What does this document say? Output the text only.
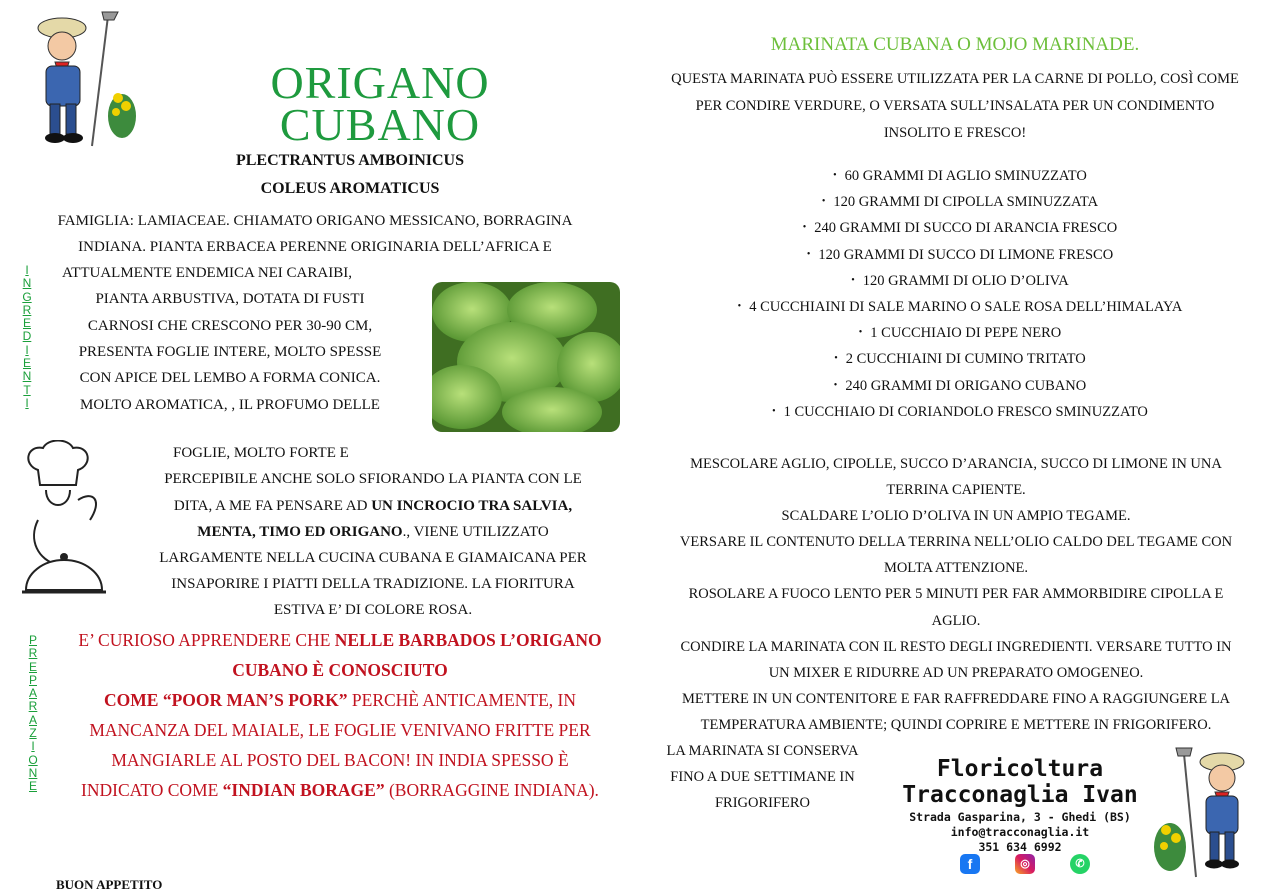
ORIGANO
CUBANO
PLECTRANTUS AMBOINICUS
COLEUS AROMATICUS
FAMIGLIA: LAMIACEAE. CHIAMATO ORIGANO MESSICANO, BORRAGINA
INDIANA. PIANTA ERBACEA PERENNE ORIGINARIA DELL’AFRICA E
ATTUALMENTE ENDEMICA NEI CARAIBI,
PIANTA ARBUSTIVA, DOTATA DI FUSTI
CARNOSI CHE CRESCONO PER 30-90 CM,
PRESENTA FOGLIE INTERE, MOLTO SPESSE
CON APICE DEL LEMBO A FORMA CONICA.
MOLTO AROMATICA, , IL PROFUMO DELLE
I
N
G
R
E
D
I
E
N
T
I
P
R
E
P
A
R
A
Z
I
O
N
E
FOGLIE, MOLTO FORTE E
PERCEPIBILE ANCHE SOLO SFIORANDO LA PIANTA CON LE
DITA, A ME FA PENSARE AD UN INCROCIO TRA SALVIA,
MENTA, TIMO ED ORIGANO., VIENE UTILIZZATO
LARGAMENTE NELLA CUCINA CUBANA E GIAMAICANA PER
INSAPORIRE I PIATTI DELLA TRADIZIONE. LA FIORITURA
ESTIVA E’ DI COLORE ROSA.
E’ CURIOSO APPRENDERE CHE NELLE BARBADOS L’ORIGANO
CUBANO È CONOSCIUTO
COME “POOR MAN’S PORK” PERCHÈ ANTICAMENTE, IN
MANCANZA DEL MAIALE, LE FOGLIE VENIVANO FRITTE PER
MANGIARLE AL POSTO DEL BACON! IN INDIA SPESSO È
INDICATO COME “INDIAN BORAGE” (BORRAGGINE INDIANA).
BUON APPETITO
MARINATA CUBANA O MOJO MARINADE.
QUESTA MARINATA PUÒ ESSERE UTILIZZATA PER LA CARNE DI POLLO, COSÌ COME
PER CONDIRE VERDURE, O VERSATA SULL’INSALATA PER UN CONDIMENTO
INSOLITO E FRESCO!
• 60 GRAMMI DI AGLIO SMINUZZATO
• 120 GRAMMI DI CIPOLLA SMINUZZATA
• 240 GRAMMI DI SUCCO DI ARANCIA FRESCO
• 120 GRAMMI DI SUCCO DI LIMONE FRESCO
• 120 GRAMMI DI OLIO D’OLIVA
• 4 CUCCHIAINI DI SALE MARINO O SALE ROSA DELL’HIMALAYA
• 1 CUCCHIAIO DI PEPE NERO
• 2 CUCCHIAINI DI CUMINO TRITATO
• 240 GRAMMI DI ORIGANO CUBANO
• 1 CUCCHIAIO DI CORIANDOLO FRESCO SMINUZZATO
MESCOLARE AGLIO, CIPOLLE, SUCCO D’ARANCIA, SUCCO DI LIMONE IN UNA
TERRINA CAPIENTE.
SCALDARE L’OLIO D’OLIVA IN UN AMPIO TEGAME.
VERSARE IL CONTENUTO DELLA TERRINA NELL’OLIO CALDO DEL TEGAME CON
MOLTA ATTENZIONE.
ROSOLARE A FUOCO LENTO PER 5 MINUTI PER FAR AMMORBIDIRE CIPOLLA E
AGLIO.
CONDIRE LA MARINATA CON IL RESTO DEGLI INGREDIENTI. VERSARE TUTTO IN
UN MIXER E RIDURRE AD UN PREPARATO OMOGENEO.
METTERE IN UN CONTENITORE E FAR RAFFREDDARE FINO A RAGGIUNGERE LA
TEMPERATURA AMBIENTE; QUINDI COPRIRE E METTERE IN FRIGORIFERO.
LA MARINATA SI CONSERVA
FINO A DUE SETTIMANE IN
FRIGORIFERO
Floricoltura
Tracconaglia Ivan
Strada Gasparina, 3 - Ghedi (BS)
info@tracconaglia.it
351 634 6992
f	◎	✆
